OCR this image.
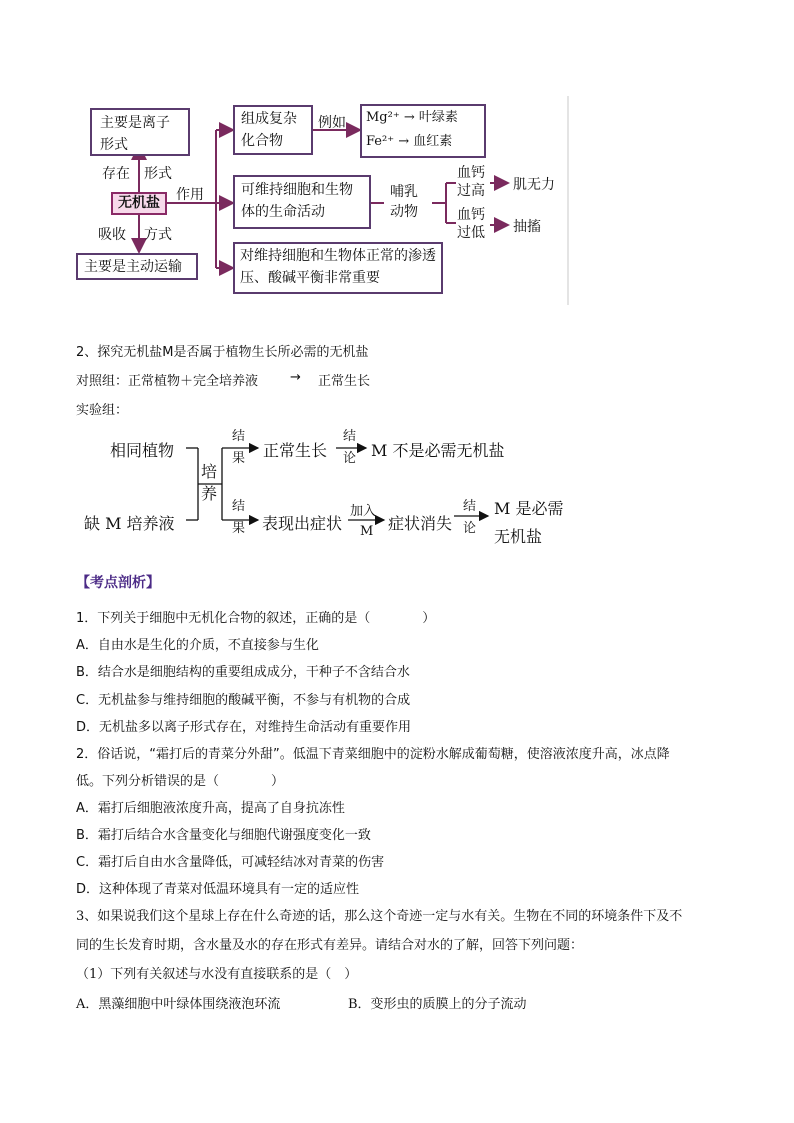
主要是离子形式
存在 形式
无机盐	作用
吸收 方式
主要是主动运输
组成复杂化合物
例如 Mg²⁺ → 叶绿素
Fe²⁺ → 血红素
可维持细胞和生物体的生命活动
哺乳动物
血钙过高 肌无力
血钙过低 抽搐
对维持细胞和生物体正常的渗透压、酸碱平衡非常重要
2、探究无机盐M是否属于植物生长所必需的无机盐
对照组：正常植物＋完全培养液 → 正常生长
实验组：
相同植物
缺 M 培养液
培养
结果 正常生长
结论 M 不是必需无机盐
结果 表现出症状
加入
M 症状消失
结论
M 是必需
无机盐
【考点剖析】
1．下列关于细胞中无机化合物的叙述，正确的是（　　　　）
A．自由水是生化的介质，不直接参与生化
B．结合水是细胞结构的重要组成成分，干种子不含结合水
C．无机盐参与维持细胞的酸碱平衡，不参与有机物的合成
D．无机盐多以离子形式存在，对维持生命活动有重要作用
2．俗话说，“霜打后的青菜分外甜”。低温下青菜细胞中的淀粉水解成葡萄糖，使溶液浓度升高，冰点降
低。下列分析错误的是（　　　　）
A．霜打后细胞液浓度升高，提高了自身抗冻性
B．霜打后结合水含量变化与细胞代谢强度变化一致
C．霜打后自由水含量降低，可减轻结冰对青菜的伤害
D．这种体现了青菜对低温环境具有一定的适应性
3、如果说我们这个星球上存在什么奇迹的话，那么这个奇迹一定与水有关。生物在不同的环境条件下及不
同的生长发育时期，含水量及水的存在形式有差异。请结合对水的了解，回答下列问题：
（1）下列有关叙述与水没有直接联系的是（　）
A．黑藻细胞中叶绿体围绕液泡环流	B．变形虫的质膜上的分子流动
